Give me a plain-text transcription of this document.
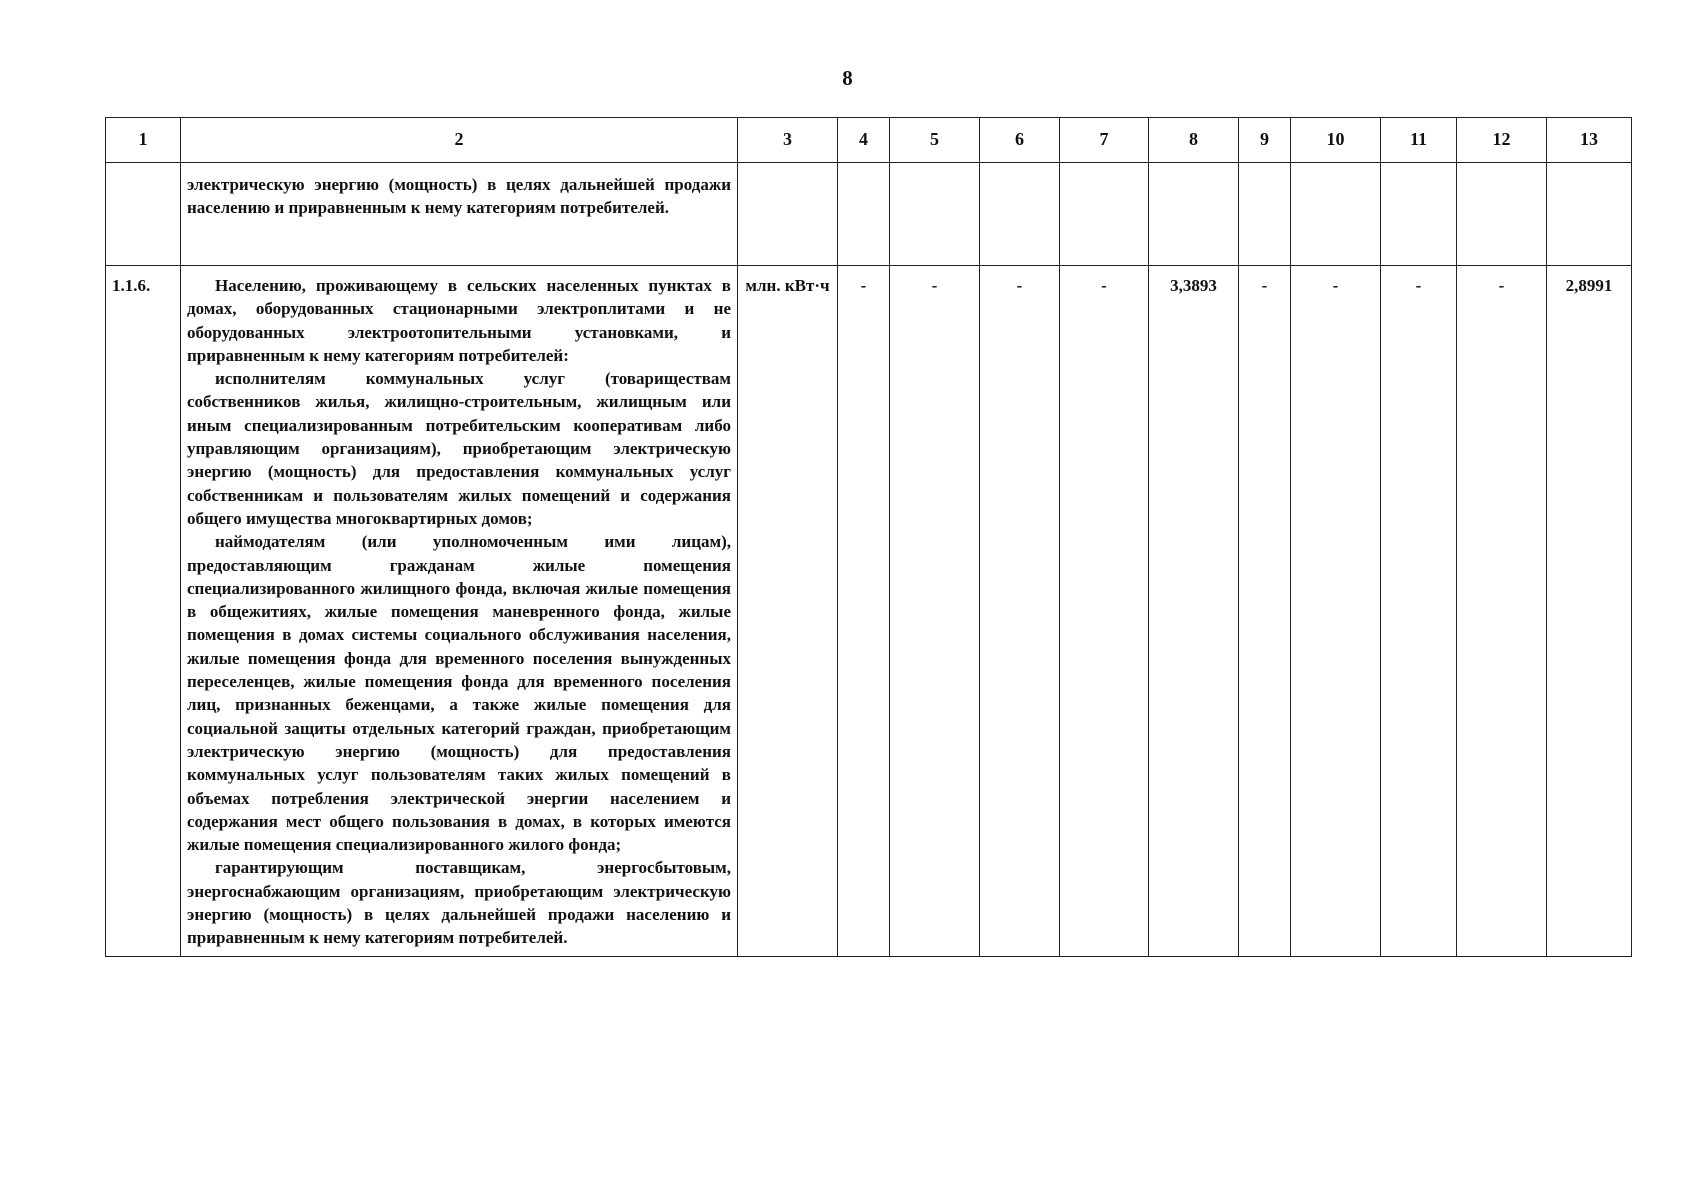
8
1	2	3	4	5	6	7	8	9	10	11	12	13

	электрическую энергию (мощность) в целях дальнейшей продажи населению и приравненным к нему категориям потребителей.											

1.1.6.	Населению, проживающему в сельских населенных пунктах в домах, оборудованных стационарными электроплитами и не оборудованных электроотопительными установками, и приравненным к нему категориям потребителей:

исполнителям коммунальных услуг (товариществам собственников жилья, жилищно-строительным, жилищным или иным специализированным потребительским кооперативам либо управляющим организациям), приобретающим электрическую энергию (мощность) для предоставления коммунальных услуг собственникам и пользователям жилых помещений и содержания общего имущества многоквартирных домов;

наймодателям (или уполномоченным ими лицам), предоставляющим гражданам жилые помещения специализированного жилищного фонда, включая жилые помещения в общежитиях, жилые помещения маневренного фонда, жилые помещения в домах системы социального обслуживания населения, жилые помещения фонда для временного поселения вынужденных переселенцев, жилые помещения фонда для временного поселения лиц, признанных беженцами, а также жилые помещения для социальной защиты отдельных категорий граждан, приобретающим электрическую энергию (мощность) для предоставления коммунальных услуг пользователям таких жилых помещений в объемах потребления электрической энергии населением и содержания мест общего пользования в домах, в которых имеются жилые помещения специализированного жилого фонда;

гарантирующим поставщикам, энергосбытовым, энергоснабжающим организациям, приобретающим электрическую энергию (мощность) в целях дальнейшей продажи населению и приравненным к нему категориям потребителей.	млн. кВт·ч	-	-	-	-	3,3893	-	-	-	-	2,8991
